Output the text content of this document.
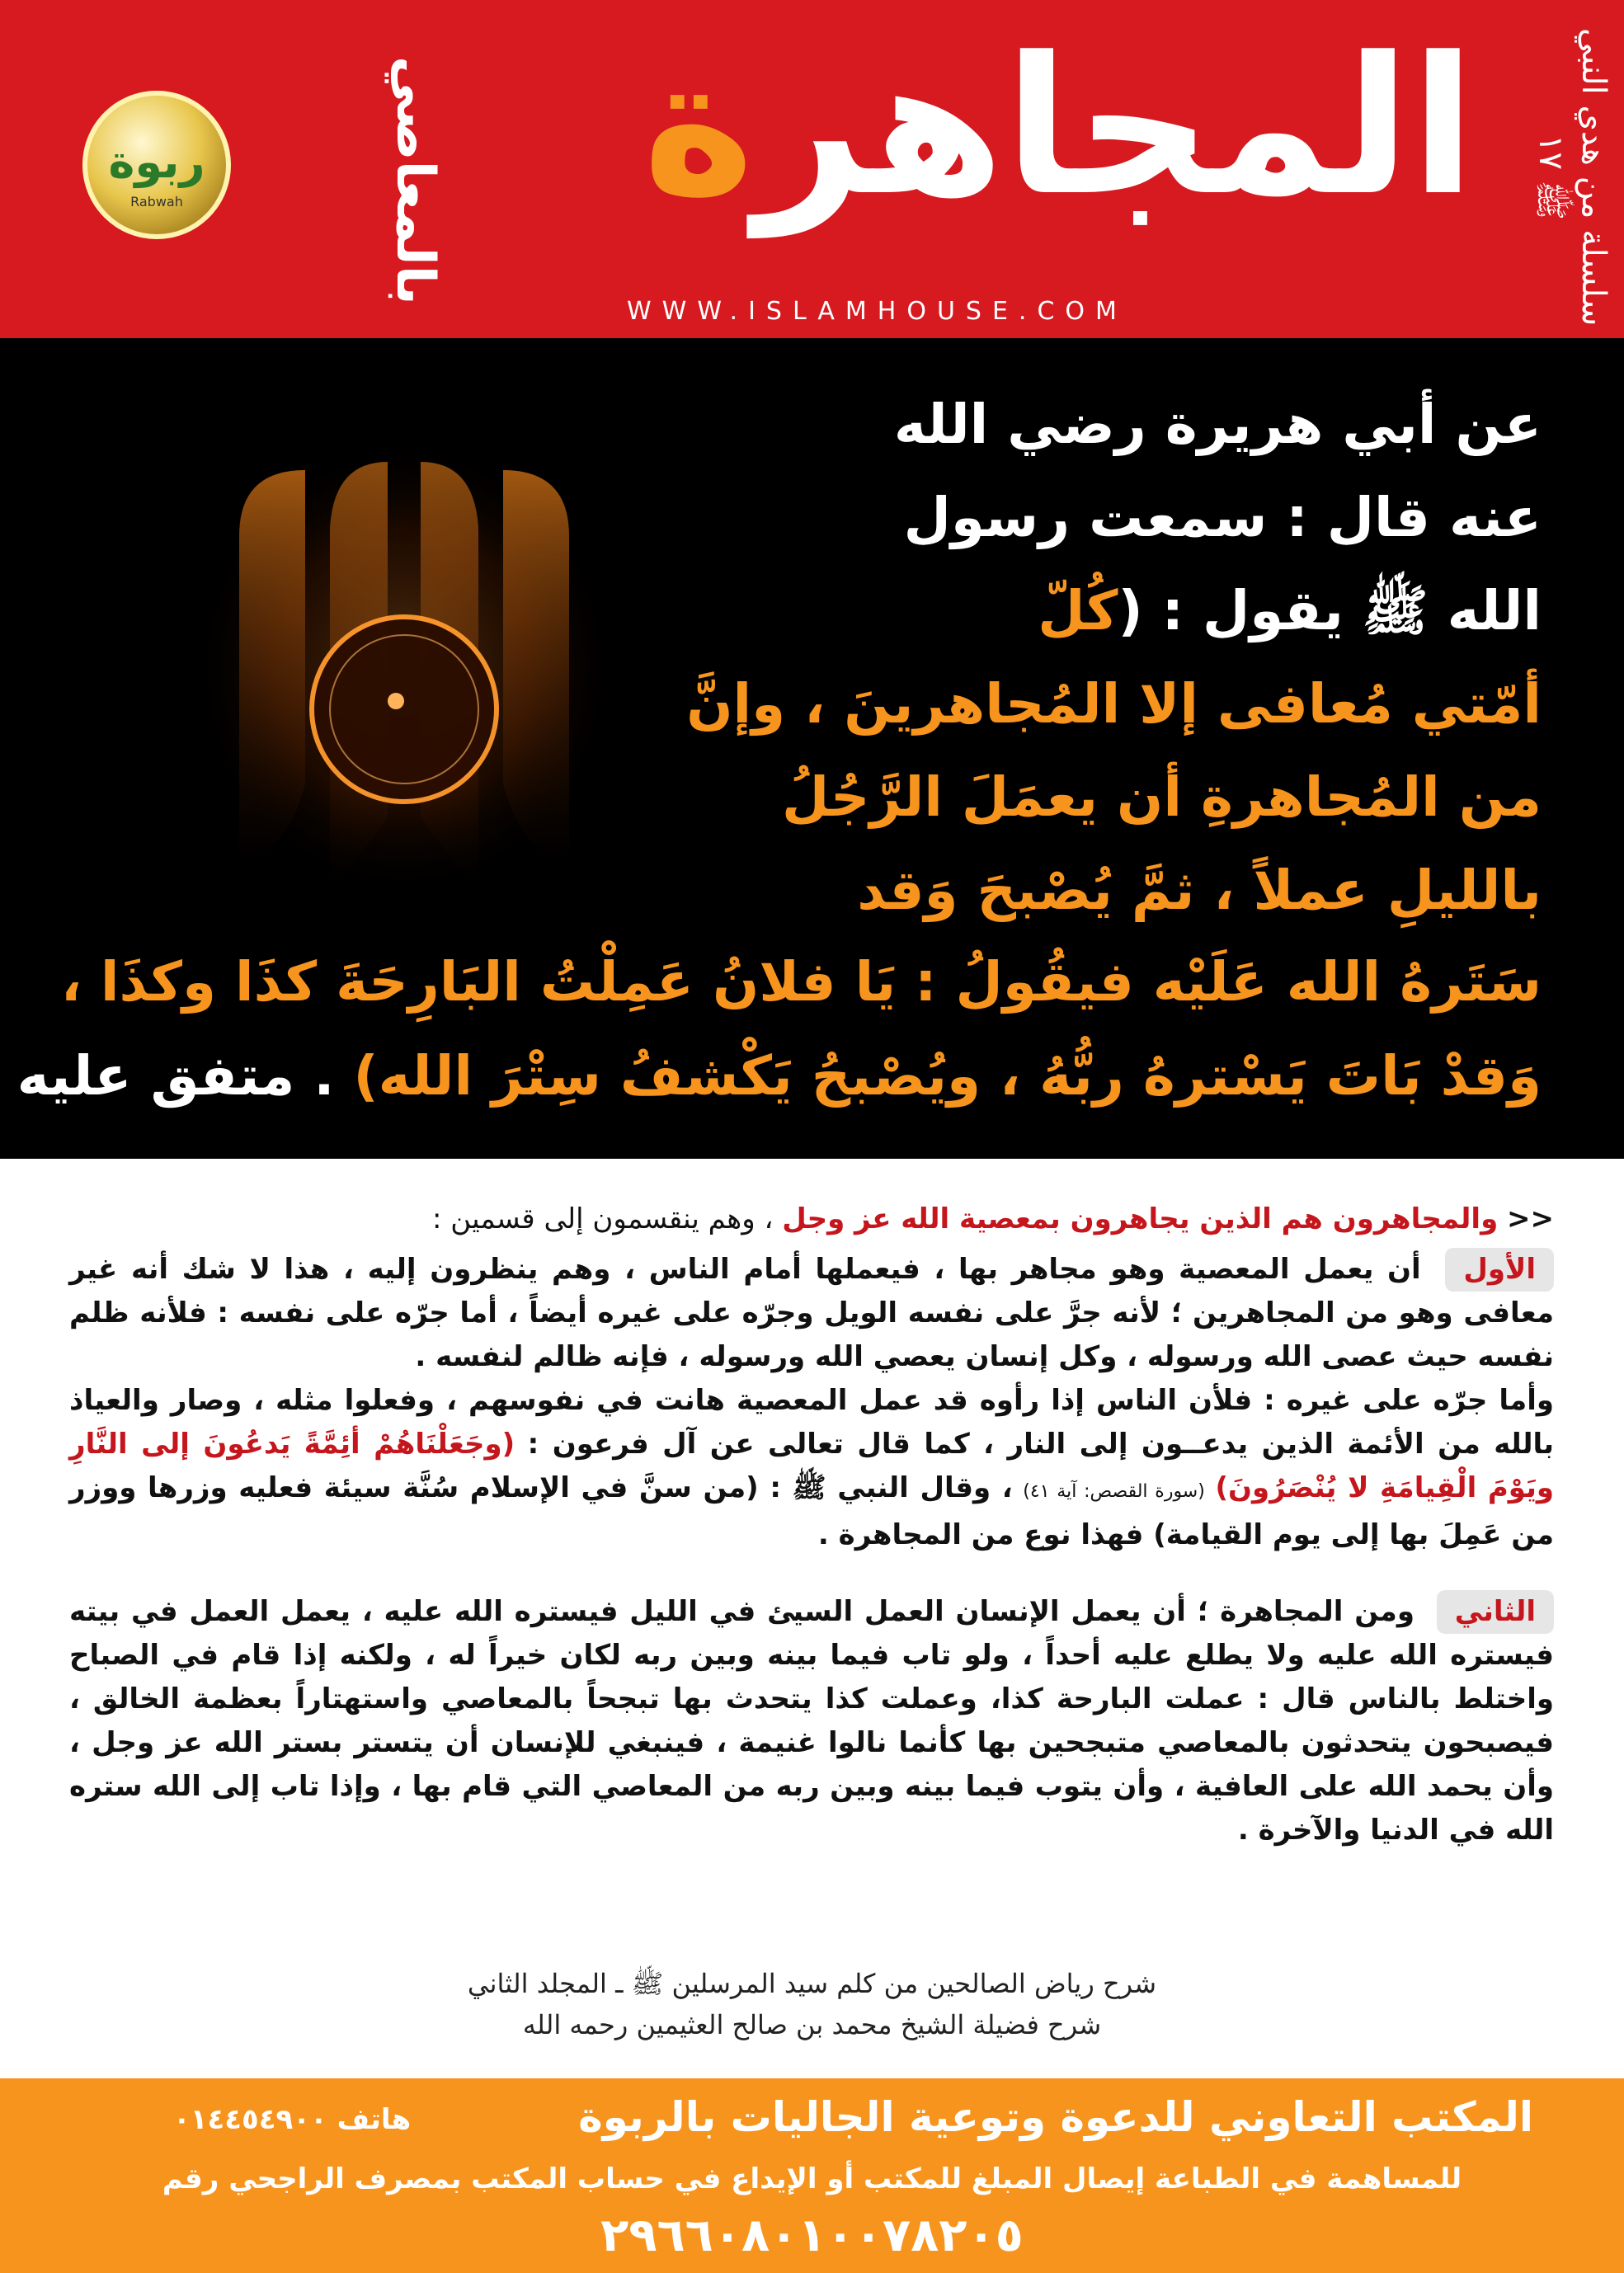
سلسلة من هدي النبي ﷺ ١٧
المجاهرة
بالمعاصي
WWW.ISLAMHOUSE.COM
ربوة
Rabwah
عن أبي هريرة رضي الله
عنه قال : سمعت رسول
الله ﷺ يقول : (كُلّ
أمّتي مُعافى إلا المُجاهرينَ ، وإنَّ
من المُجاهرةِ أن يعمَلَ الرَّجُلُ
بالليلِ عملاً ، ثمَّ يُصْبحَ وَقد
سَتَرهُ الله عَلَيْه فيقُولُ : يَا فلانُ عَمِلْتُ البَارِحَةَ كذَا وكذَا ،
وَقدْ بَاتَ يَسْترهُ ربُّهُ ، ويُصْبحُ يَكْشفُ سِتْرَ الله) . متفق عليه

<< والمجاهرون هم الذين يجاهرون بمعصية الله عز وجل ، وهم ينقسمون إلى قسمين :

الأول أن يعمل المعصية وهو مجاهر بها ، فيعملها أمام الناس ، وهم ينظرون إليه ، هذا لا شك أنه غير معافى وهو من المجاهرين ؛ لأنه جرَّ على نفسه الويل وجرّه على غيره أيضاً ، أما جرّه على نفسه : فلأنه ظلم نفسه حيث عصى الله ورسوله ، وكل إنسان يعصي الله ورسوله ، فإنه ظالم لنفسه .

وأما جرّه على غيره : فلأن الناس إذا رأوه قد عمل المعصية هانت في نفوسهم ، وفعلوا مثله ، وصار والعياذ بالله من الأئمة الذين يدعــون إلى النار ، كما قال تعالى عن آل فرعون : (وجَعَلْنَاهُمْ أئِمَّةً يَدعُونَ إلى النَّارِ ويَوْمَ الْقِيامَةِ لا يُنْصَرُونَ) (سورة القصص: آية ٤١) ، وقال النبي ﷺ : (من سنَّ في الإسلام سُنَّة سيئة فعليه وزرها ووزر من عَمِلَ بها إلى يوم القيامة) فهذا نوع من المجاهرة .

الثاني ومن المجاهرة ؛ أن يعمل الإنسان العمل السيئ في الليل فيستره الله عليه ، يعمل العمل في بيته فيستره الله عليه ولا يطلع عليه أحداً ، ولو تاب فيما بينه وبين ربه لكان خيراً له ، ولكنه إذا قام في الصباح واختلط بالناس قال : عملت البارحة كذا، وعملت كذا يتحدث بها تبجحاً بالمعاصي واستهتاراً بعظمة الخالق ، فيصبحون يتحدثون بالمعاصي متبجحين بها كأنما نالوا غنيمة ، فينبغي للإنسان أن يتستر بستر الله عز وجل ، وأن يحمد الله على العافية ، وأن يتوب فيما بينه وبين ربه من المعاصي التي قام بها ، وإذا تاب إلى الله ستره الله في الدنيا والآخرة .

شرح رياض الصالحين من كلم سيد المرسلين ﷺ ـ المجلد الثاني
شرح فضيلة الشيخ محمد بن صالح العثيمين رحمه الله
المكتب التعاوني للدعوة وتوعية الجاليات بالربوة
هاتف ٠١٤٤٥٤٩٠٠
للمساهمة في الطباعة إيصال المبلغ للمكتب أو الإيداع في حساب المكتب بمصرف الراجحي رقم
٢٩٦٦٠٨٠١٠٠٧٨٢٠٥
